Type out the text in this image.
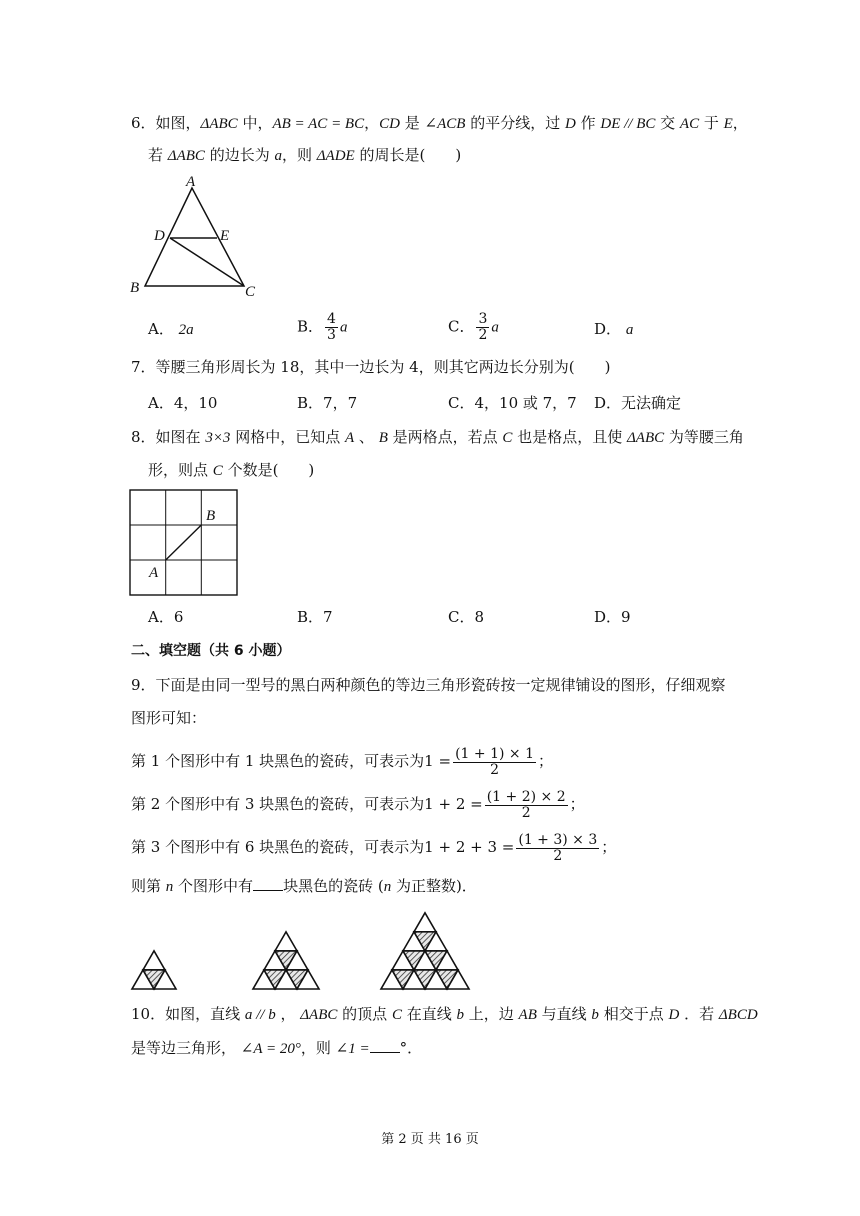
6．如图，ΔABC 中，AB = AC = BC，CD 是 ∠ACB 的平分线，过 D 作 DE // BC 交 AC 于 E，
若 ΔABC 的边长为 a，则 ΔADE 的周长是(　　)
A
D	E
B	C
A． 2a	B． $\frac{4}{3}$ a	C． $\frac{3}{2}$ a	D． a
7．等腰三角形周长为 18，其中一边长为 4，则其它两边长分别为(　　)
A．4，10	B．7，7	C．4，10 或 7，7 D．无法确定
8．如图在 3×3 网格中，已知点 A 、 B 是两格点，若点 C 也是格点，且使 ΔABC 为等腰三角
形，则点 C 个数是(　　)
B
A
A．6	B．7	C．8	D．9
二、填空题（共 6 小题）
9．下面是由同一型号的黑白两种颜色的等边三角形瓷砖按一定规律铺设的图形，仔细观察
图形可知：
第 1 个图形中有 1 块黑色的瓷砖，可表示为$1 = \frac{(1 + 1) \times 1}{2}$ ；
第 2 个图形中有 3 块黑色的瓷砖，可表示为$1 + 2 = \frac{(1 + 2) \times 2}{2}$ ；
第 3 个图形中有 6 块黑色的瓷砖，可表示为$1 + 2 + 3 = \frac{(1 + 3) \times 3}{2}$ ；
则第 n 个图形中有 块黑色的瓷砖 (n 为正整数)．
10．如图，直线 a // b ， ΔABC 的顶点 C 在直线 b 上，边 AB 与直线 b 相交于点 D ．若 ΔBCD
是等边三角形， ∠A = 20°，则 ∠1 = °．
第 2 页 共 16 页
